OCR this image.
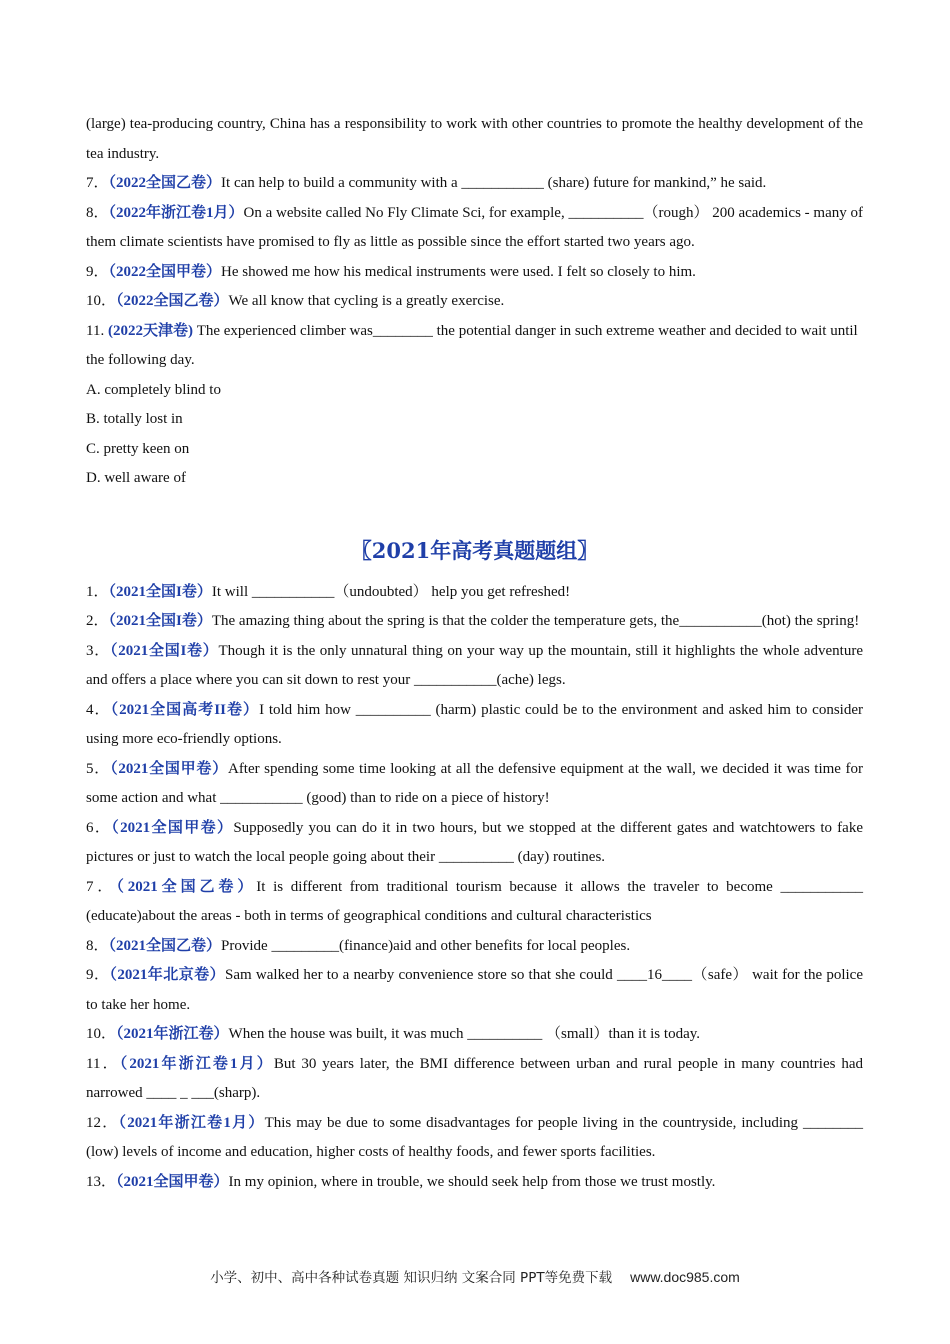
(large) tea-producing country, China has a responsibility to work with other countries to promote the healthy development of the tea industry.

7．（2022全国乙卷）It can help to build a community with a ___________ (share) future for mankind,” he said.

8．（2022年浙江卷1月）On a website called No Fly Climate Sci, for example, __________（rough） 200 academics - many of them climate scientists have promised to fly as little as possible since the effort started two years ago.

9．（2022全国甲卷）He showed me how his medical instruments were used. I felt so closely to him.

10．（2022全国乙卷）We all know that cycling is a greatly exercise.

11. (2022天津卷) The experienced climber was________ the potential danger in such extreme weather and decided to wait until the following day.

A. completely blind to

B. totally lost in

C. pretty keen on

D. well aware of

〖2021年高考真题题组〗

1．（2021全国I卷）It will ___________（undoubted） help you get refreshed!

2．（2021全国I卷）The amazing thing about the spring is that the colder the temperature gets, the___________(hot) the spring!

3．（2021全国I卷）Though it is the only unnatural thing on your way up the mountain, still it highlights the whole adventure and offers a place where you can sit down to rest your ___________(ache) legs.

4．（2021全国高考II卷）I told him how __________ (harm) plastic could be to the environment and asked him to consider using more eco-friendly options.

5．（2021全国甲卷）After spending some time looking at all the defensive equipment at the wall, we decided it was time for some action and what ___________ (good) than to ride on a piece of history!

6．（2021全国甲卷）Supposedly you can do it in two hours, but we stopped at the different gates and watchtowers to fake pictures or just to watch the local people going about their __________ (day) routines.

7．（2021全国乙卷）It is different from traditional tourism because it allows the traveler to become ___________ (educate)about the areas - both in terms of geographical conditions and cultural characteristics

8．（2021全国乙卷）Provide _________(finance)aid and other benefits for local peoples.

9．（2021年北京卷）Sam walked her to a nearby convenience store so that she could ____16____（safe） wait for the police to take her home.

10．（2021年浙江卷）When the house was built, it was much __________ （small）than it is today.

11．（2021年浙江卷1月）But 30 years later, the BMI difference between urban and rural people in many countries had narrowed ____ _ ___(sharp).

12．（2021年浙江卷1月）This may be due to some disadvantages for people living in the countryside, including ________ (low) levels of income and education, higher costs of healthy foods, and fewer sports facilities.

13．（2021全国甲卷）In my opinion, where in trouble, we should seek help from those we trust mostly.

小学、初中、高中各种试卷真题 知识归纳 文案合同 PPT等免费下载 www.doc985.com
